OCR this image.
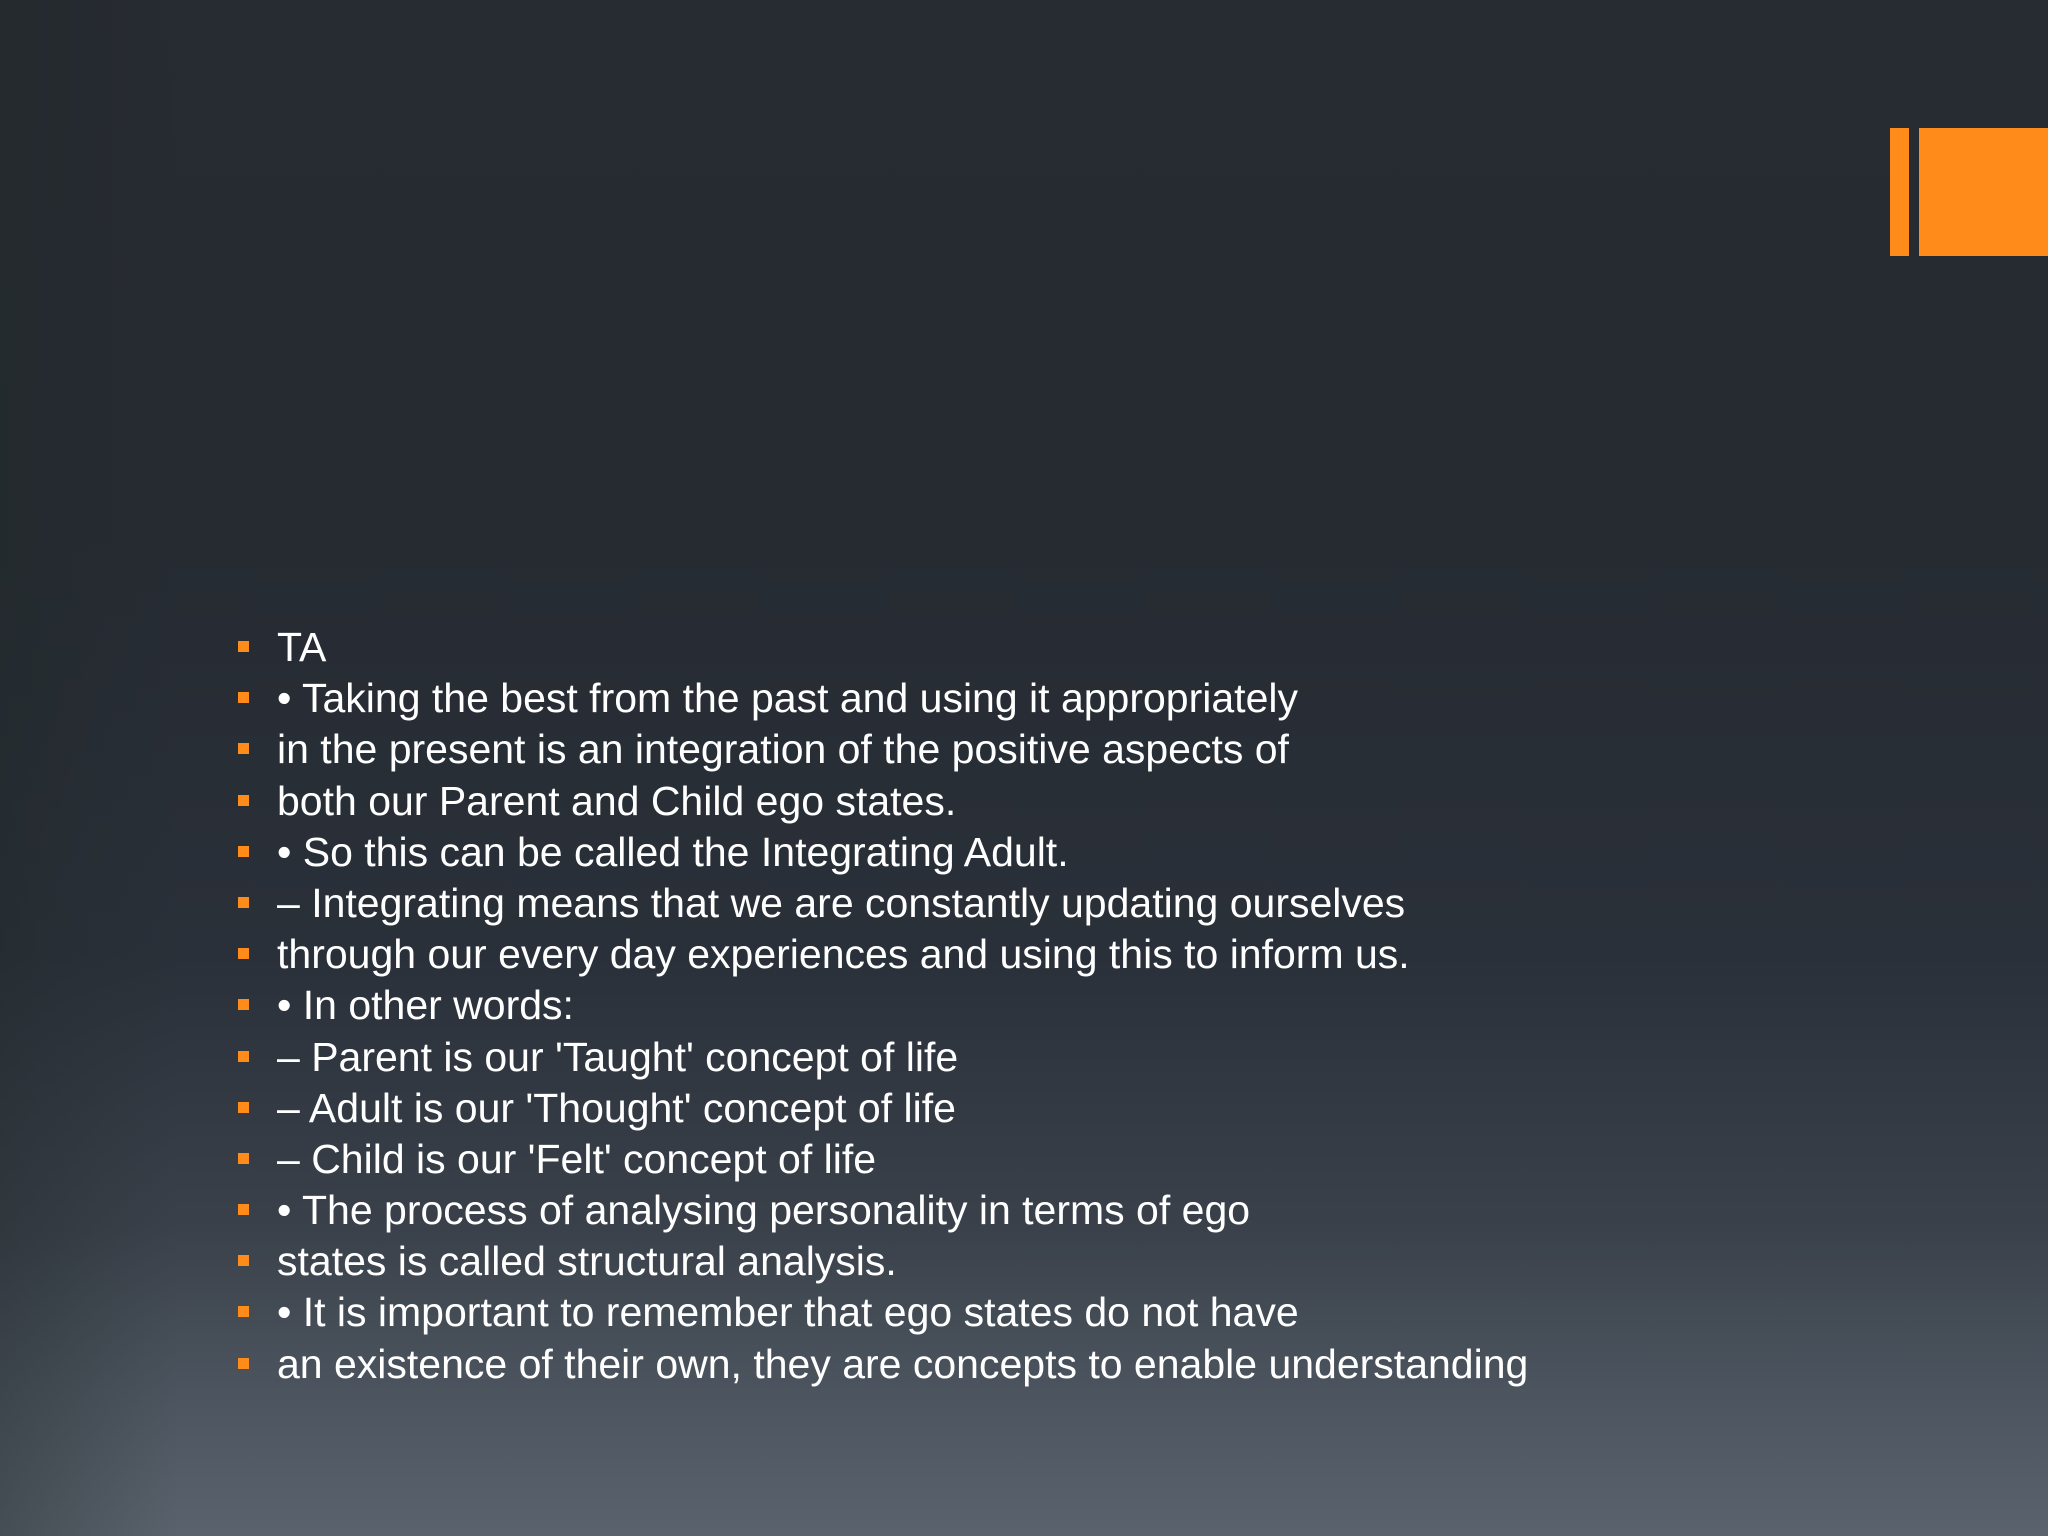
TA
• Taking the best from the past and using it appropriately
in the present is an integration of the positive aspects of
both our Parent and Child ego states.
• So this can be called the Integrating Adult.
– Integrating means that we are constantly updating ourselves
through our every day experiences and using this to inform us.
• In other words:
– Parent is our 'Taught' concept of life
– Adult is our 'Thought' concept of life
– Child is our 'Felt' concept of life
• The process of analysing personality in terms of ego
states is called structural analysis.
• It is important to remember that ego states do not have
an existence of their own, they are concepts to enable understanding
